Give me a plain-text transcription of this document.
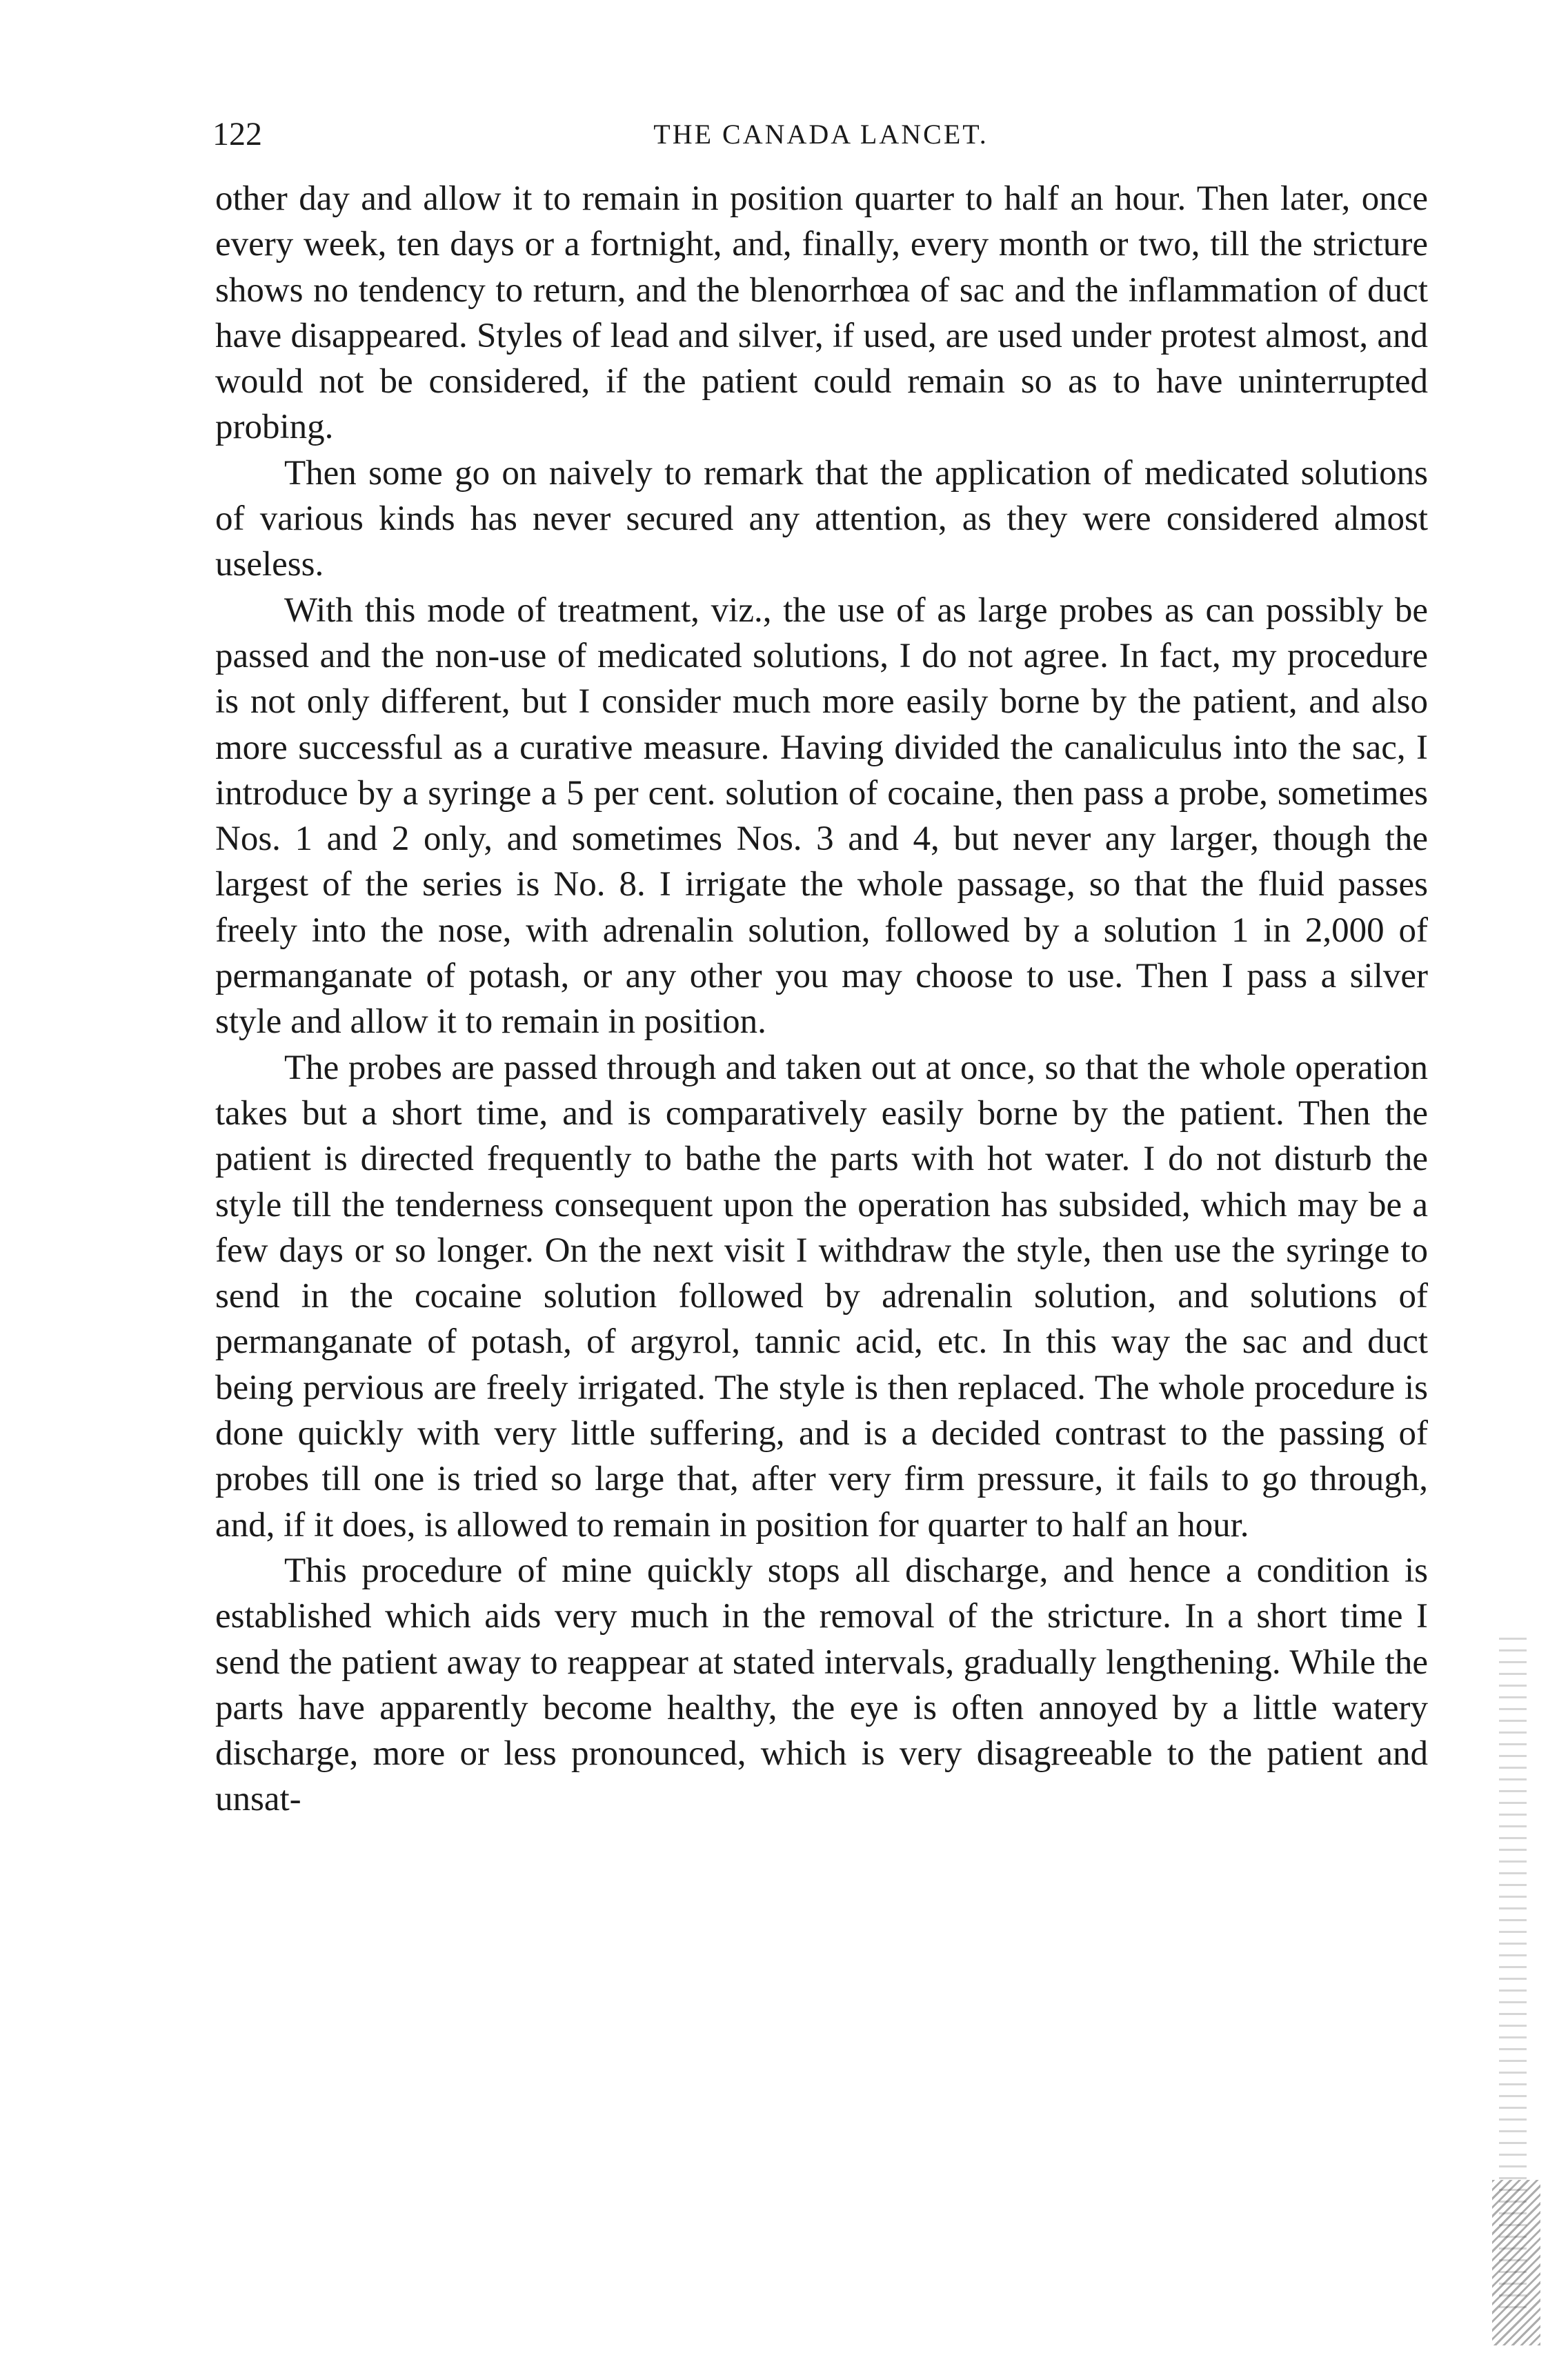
122	THE CANADA LANCET.

other day and allow it to remain in position quarter to half an hour. Then later, once every week, ten days or a fortnight, and, finally, every month or two, till the stricture shows no tendency to return, and the blenorrhœa of sac and the inflammation of duct have disappeared. Styles of lead and silver, if used, are used under protest almost, and would not be considered, if the patient could remain so as to have uninterrupted probing.

Then some go on naively to remark that the application of medicated solutions of various kinds has never secured any attention, as they were considered almost useless.

With this mode of treatment, viz., the use of as large probes as can possibly be passed and the non-use of medicated solutions, I do not agree. In fact, my procedure is not only different, but I consider much more easily borne by the patient, and also more successful as a curative measure. Having divided the canaliculus into the sac, I introduce by a syringe a 5 per cent. solution of cocaine, then pass a probe, sometimes Nos. 1 and 2 only, and sometimes Nos. 3 and 4, but never any larger, though the largest of the series is No. 8. I irrigate the whole passage, so that the fluid passes freely into the nose, with adrenalin solution, followed by a solution 1 in 2,000 of permanganate of potash, or any other you may choose to use. Then I pass a silver style and allow it to remain in position.

The probes are passed through and taken out at once, so that the whole operation takes but a short time, and is comparatively easily borne by the patient. Then the patient is directed frequently to bathe the parts with hot water. I do not disturb the style till the tenderness consequent upon the operation has subsided, which may be a few days or so longer. On the next visit I withdraw the style, then use the syringe to send in the cocaine solution followed by adrenalin solution, and solutions of permanganate of potash, of argyrol, tannic acid, etc. In this way the sac and duct being pervious are freely irrigated. The style is then replaced. The whole procedure is done quickly with very little suffering, and is a decided contrast to the passing of probes till one is tried so large that, after very firm pressure, it fails to go through, and, if it does, is allowed to remain in position for quarter to half an hour.

This procedure of mine quickly stops all discharge, and hence a condition is established which aids very much in the removal of the stricture. In a short time I send the patient away to reappear at stated intervals, gradually lengthening. While the parts have apparently become healthy, the eye is often annoyed by a little watery discharge, more or less pronounced, which is very disagreeable to the patient and unsat-
